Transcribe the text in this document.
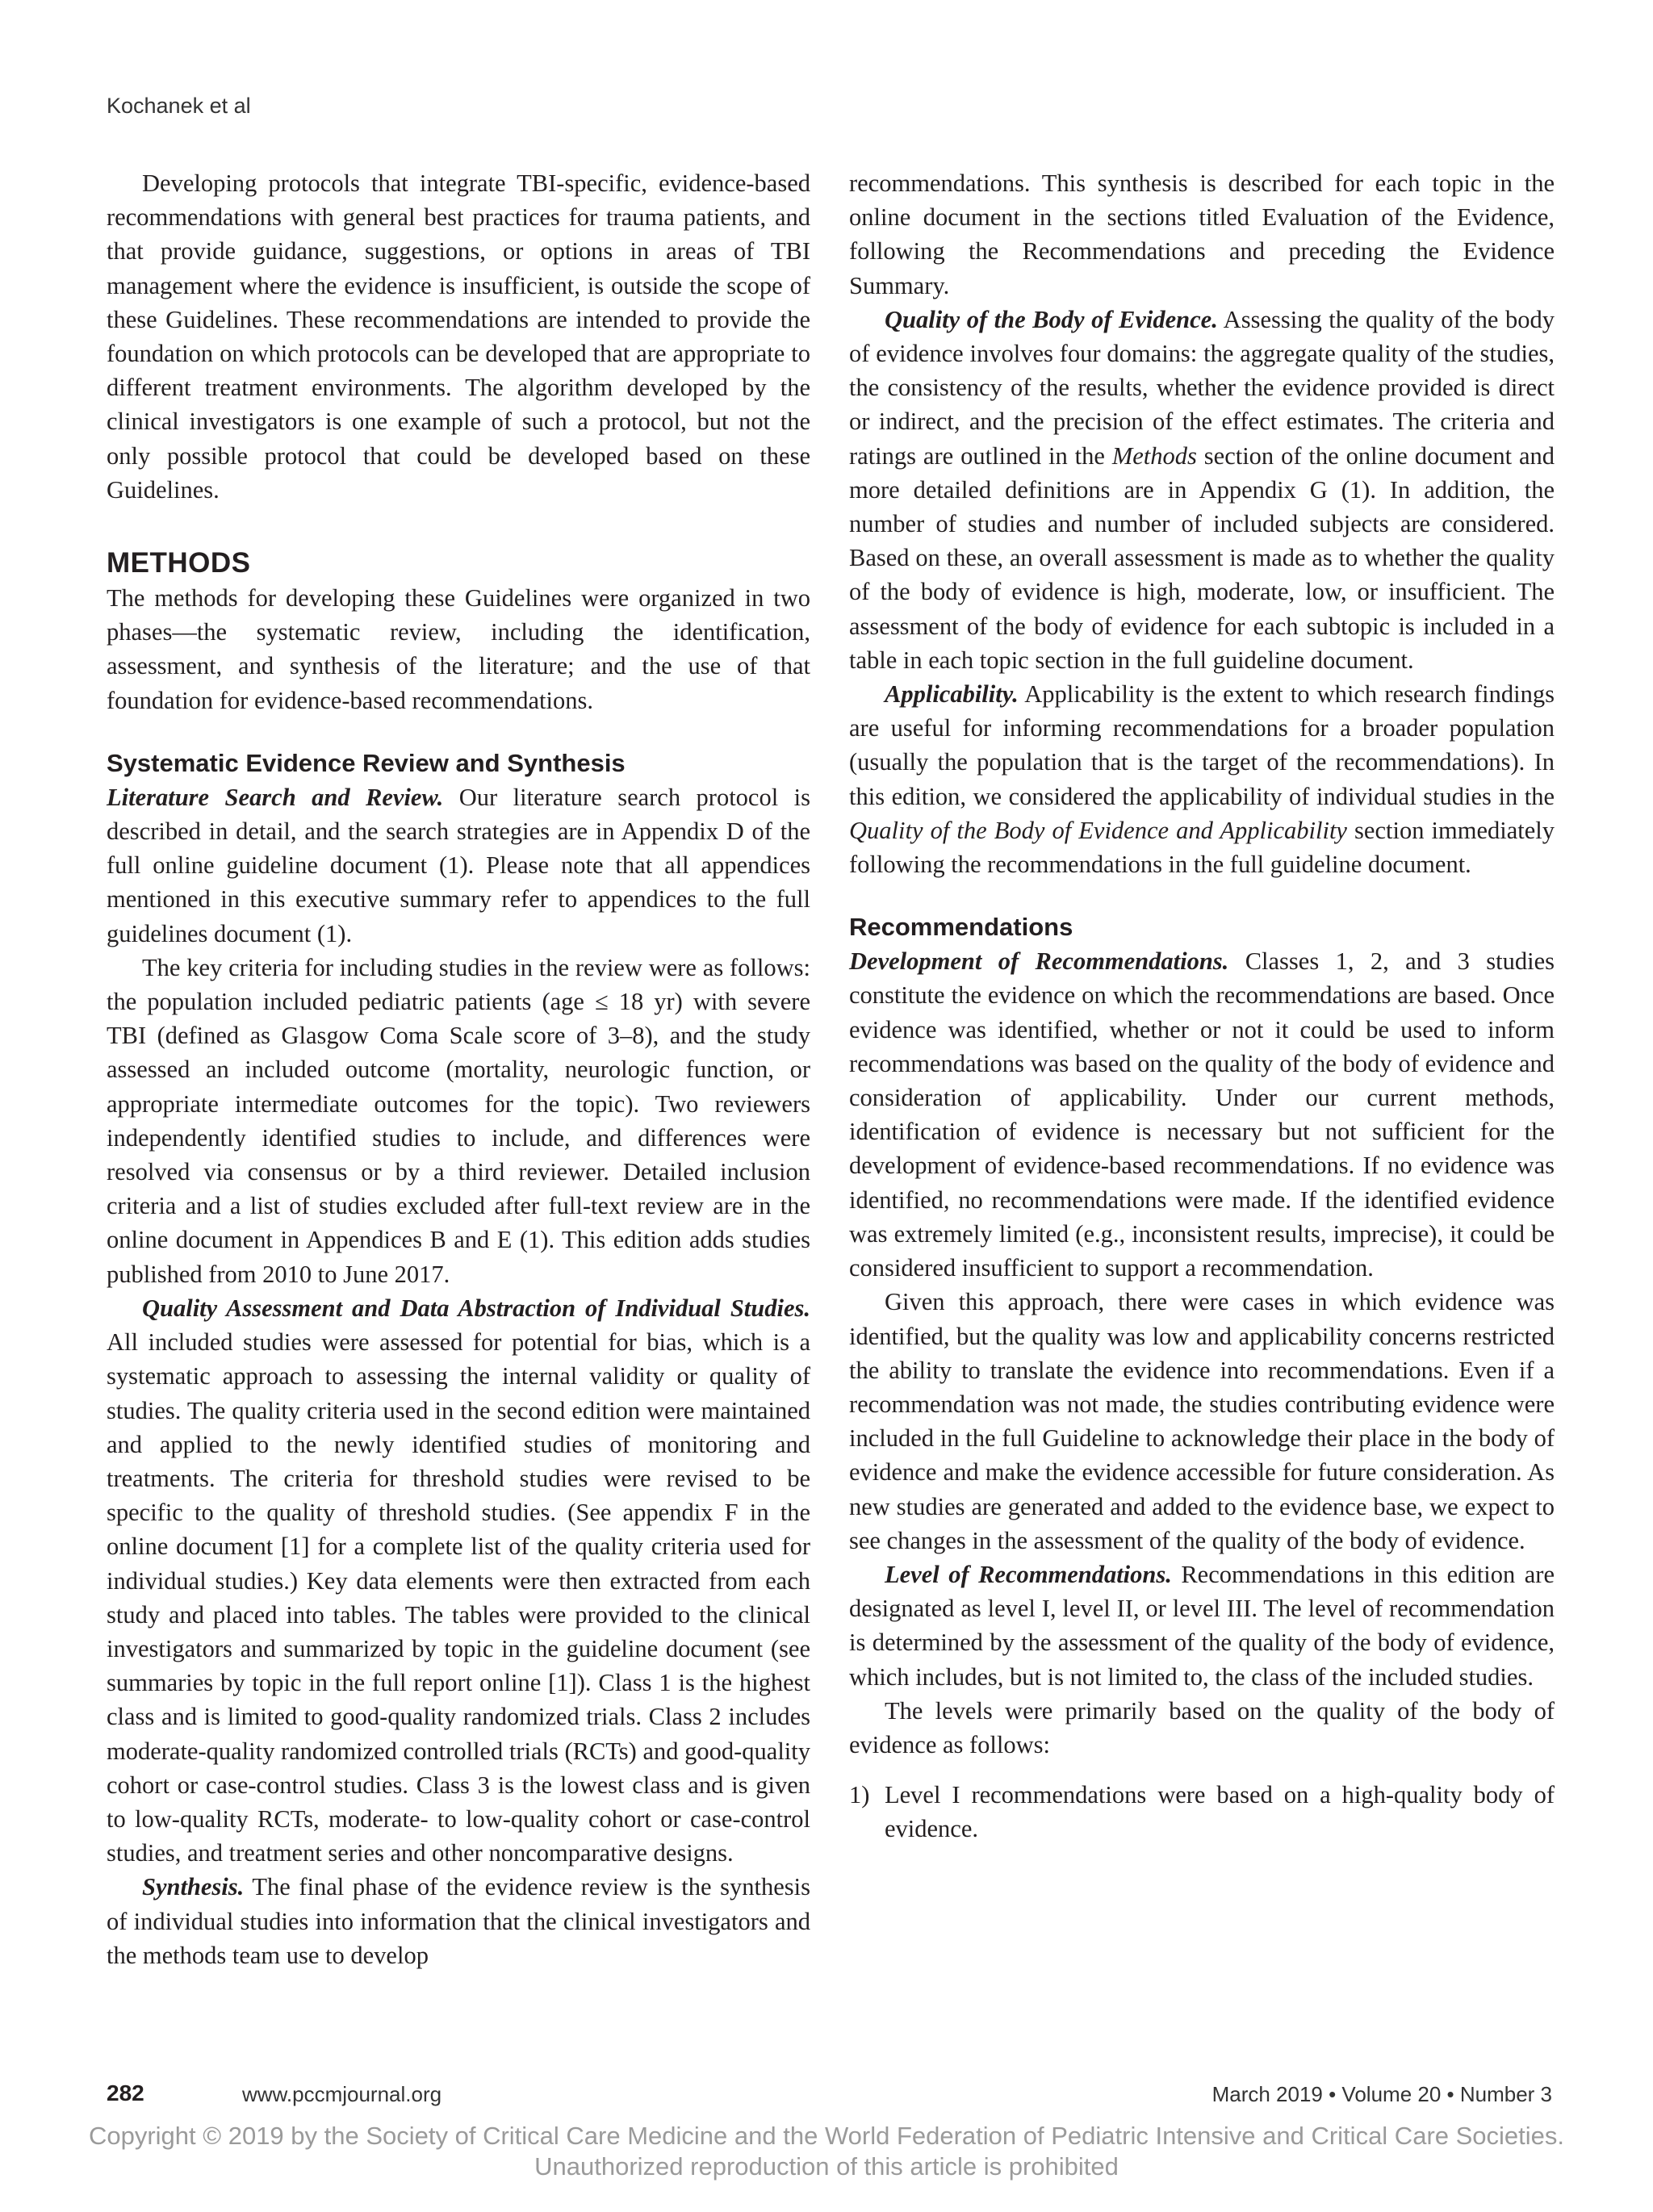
Kochanek et al

Developing protocols that integrate TBI-specific, evidence-based recommendations with general best practices for trauma patients, and that provide guidance, suggestions, or options in areas of TBI management where the evidence is insufficient, is outside the scope of these Guidelines. These recommendations are intended to provide the foundation on which protocols can be developed that are appropriate to different treatment environments. The algorithm developed by the clinical investigators is one example of such a protocol, but not the only possible protocol that could be developed based on these Guidelines.

METHODS

The methods for developing these Guidelines were organized in two phases—the systematic review, including the identification, assessment, and synthesis of the literature; and the use of that foundation for evidence-based recommendations.

Systematic Evidence Review and Synthesis

Literature Search and Review. Our literature search protocol is described in detail, and the search strategies are in Appendix D of the full online guideline document (1). Please note that all appendices mentioned in this executive summary refer to appendices to the full guidelines document (1).

The key criteria for including studies in the review were as follows: the population included pediatric patients (age ≤ 18 yr) with severe TBI (defined as Glasgow Coma Scale score of 3–8), and the study assessed an included outcome (mortality, neurologic function, or appropriate intermediate outcomes for the topic). Two reviewers independently identified studies to include, and differences were resolved via consensus or by a third reviewer. Detailed inclusion criteria and a list of studies excluded after full-text review are in the online document in Appendices B and E (1). This edition adds studies published from 2010 to June 2017.

Quality Assessment and Data Abstraction of Individual Studies. All included studies were assessed for potential for bias, which is a systematic approach to assessing the internal validity or quality of studies. The quality criteria used in the second edition were maintained and applied to the newly identified studies of monitoring and treatments. The criteria for threshold studies were revised to be specific to the quality of threshold studies. (See appendix F in the online document [1] for a complete list of the quality criteria used for individual studies.) Key data elements were then extracted from each study and placed into tables. The tables were provided to the clinical investigators and summarized by topic in the guideline document (see summaries by topic in the full report online [1]). Class 1 is the highest class and is limited to good-quality randomized trials. Class 2 includes moderate-quality randomized controlled trials (RCTs) and good-quality cohort or case-control studies. Class 3 is the lowest class and is given to low-quality RCTs, moderate- to low-quality cohort or case-control studies, and treatment series and other noncomparative designs.

Synthesis. The final phase of the evidence review is the synthesis of individual studies into information that the clinical investigators and the methods team use to develop

recommendations. This synthesis is described for each topic in the online document in the sections titled Evaluation of the Evidence, following the Recommendations and preceding the Evidence Summary.

Quality of the Body of Evidence. Assessing the quality of the body of evidence involves four domains: the aggregate quality of the studies, the consistency of the results, whether the evidence provided is direct or indirect, and the precision of the effect estimates. The criteria and ratings are outlined in the Methods section of the online document and more detailed definitions are in Appendix G (1). In addition, the number of studies and number of included subjects are considered. Based on these, an overall assessment is made as to whether the quality of the body of evidence is high, moderate, low, or insufficient. The assessment of the body of evidence for each subtopic is included in a table in each topic section in the full guideline document.

Applicability. Applicability is the extent to which research findings are useful for informing recommendations for a broader population (usually the population that is the target of the recommendations). In this edition, we considered the applicability of individual studies in the Quality of the Body of Evidence and Applicability section immediately following the recommendations in the full guideline document.

Recommendations

Development of Recommendations. Classes 1, 2, and 3 studies constitute the evidence on which the recommendations are based. Once evidence was identified, whether or not it could be used to inform recommendations was based on the quality of the body of evidence and consideration of applicability. Under our current methods, identification of evidence is necessary but not sufficient for the development of evidence-based recommendations. If no evidence was identified, no recommendations were made. If the identified evidence was extremely limited (e.g., inconsistent results, imprecise), it could be considered insufficient to support a recommendation.

Given this approach, there were cases in which evidence was identified, but the quality was low and applicability concerns restricted the ability to translate the evidence into recommendations. Even if a recommendation was not made, the studies contributing evidence were included in the full Guideline to acknowledge their place in the body of evidence and make the evidence accessible for future consideration. As new studies are generated and added to the evidence base, we expect to see changes in the assessment of the quality of the body of evidence.

Level of Recommendations. Recommendations in this edition are designated as level I, level II, or level III. The level of recommendation is determined by the assessment of the quality of the body of evidence, which includes, but is not limited to, the class of the included studies.

The levels were primarily based on the quality of the body of evidence as follows:

1) Level I recommendations were based on a high-quality body of evidence.
282	www.pccmjournal.org	March 2019 • Volume 20 • Number 3
Copyright © 2019 by the Society of Critical Care Medicine and the World Federation of Pediatric Intensive and Critical Care Societies.
Unauthorized reproduction of this article is prohibited
